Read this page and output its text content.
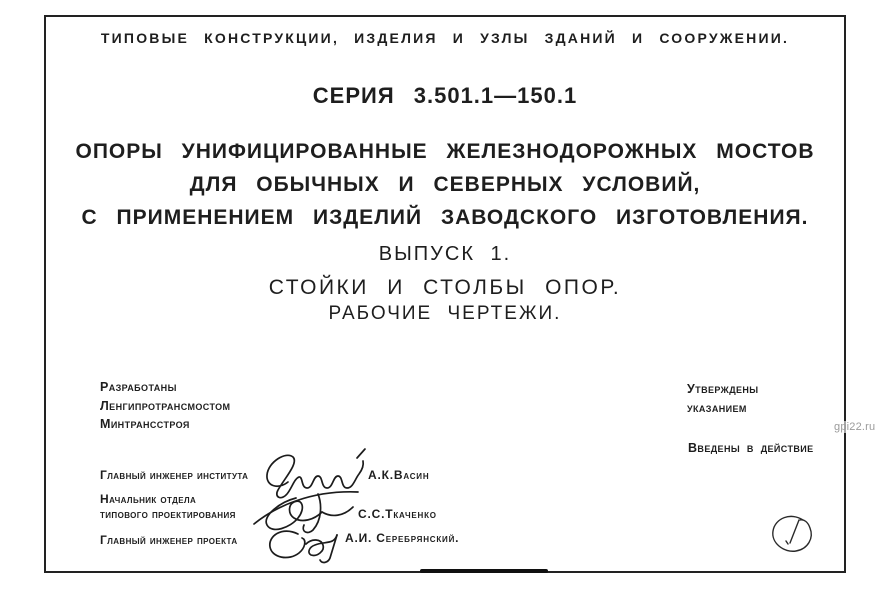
ТИПОВЫЕ КОНСТРУКЦИИ, ИЗДЕЛИЯ И УЗЛЫ ЗДАНИЙ И СООРУЖЕНИИ.
СЕРИЯ 3.501.1—150.1
ОПОРЫ УНИФИЦИРОВАННЫЕ ЖЕЛЕЗНОДОРОЖНЫХ МОСТОВ
ДЛЯ ОБЫЧНЫХ И СЕВЕРНЫХ УСЛОВИЙ,
С ПРИМЕНЕНИЕМ ИЗДЕЛИЙ ЗАВОДСКОГО ИЗГОТОВЛЕНИЯ.
ВЫПУСК 1.
СТОЙКИ И СТОЛБЫ ОПОР.
РАБОЧИЕ ЧЕРТЕЖИ.
Разработаны
Ленгипротрансмостом
Минтрансстроя
Утверждены
указанием
Введены в действие
gpi22.ru
Главный инженер института	А.К.Васин
Начальник отдела
типового проектирования	С.С.Ткаченко
Главный инженер проекта	А.И. Серебрянский.
